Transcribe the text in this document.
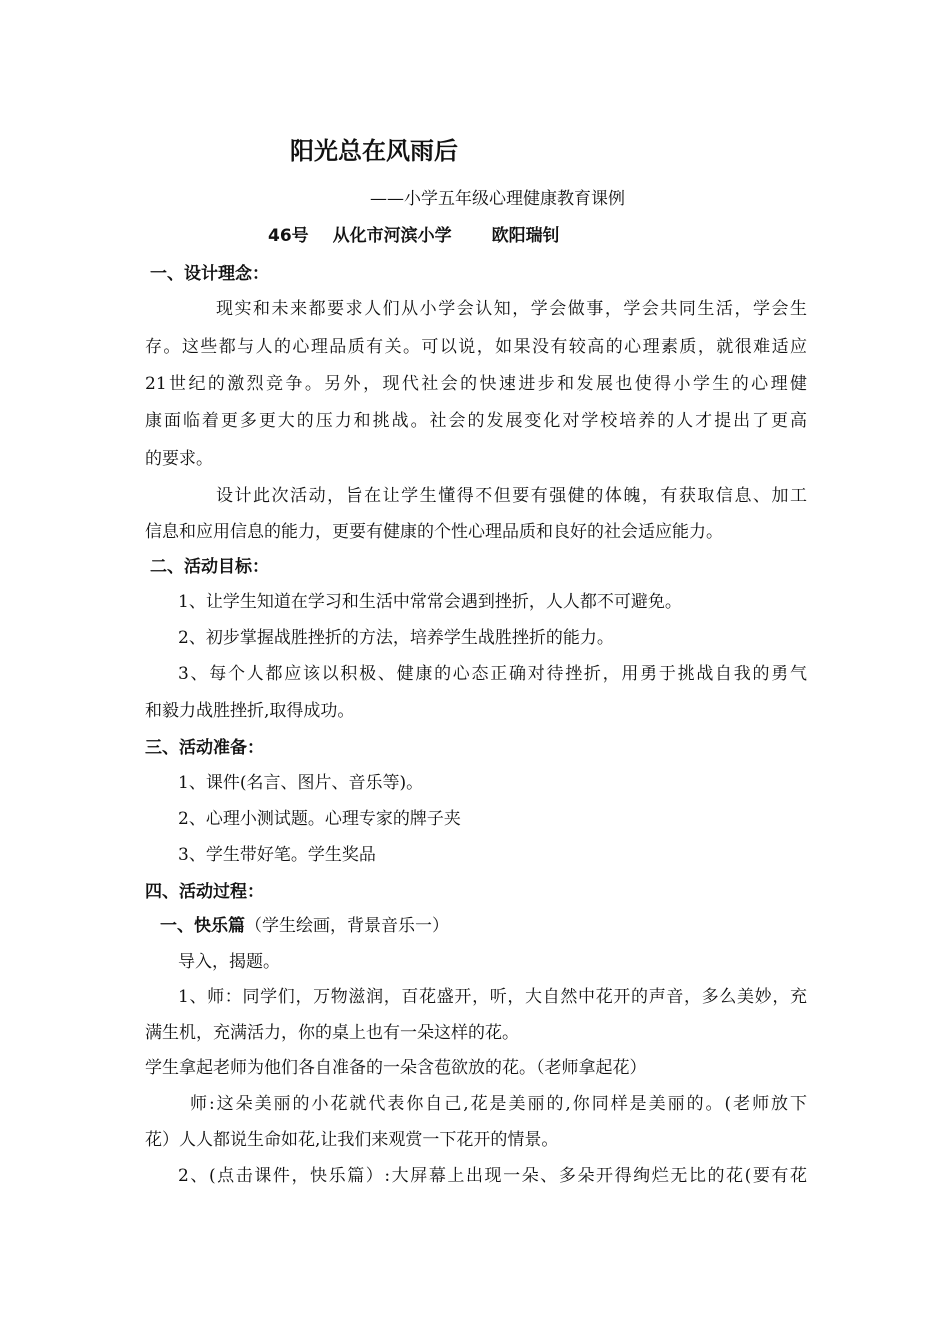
阳光总在风雨后
——小学五年级心理健康教育课例
46号 从化市河滨小学 欧阳瑞钊
一、设计理念：
现实和未来都要求人们从小学会认知，学会做事，学会共同生活，学会生
存。这些都与人的心理品质有关。可以说，如果没有较高的心理素质，就很难适应
21世纪的激烈竞争。另外，现代社会的快速进步和发展也使得小学生的心理健
康面临着更多更大的压力和挑战。社会的发展变化对学校培养的人才提出了更高
的要求。
设计此次活动，旨在让学生懂得不但要有强健的体魄，有获取信息、加工
信息和应用信息的能力，更要有健康的个性心理品质和良好的社会适应能力。
二、活动目标：
1、让学生知道在学习和生活中常常会遇到挫折，人人都不可避免。
2、初步掌握战胜挫折的方法，培养学生战胜挫折的能力。
3、每个人都应该以积极、健康的心态正确对待挫折，用勇于挑战自我的勇气
和毅力战胜挫折,取得成功。
三、活动准备：
1、课件(名言、图片、音乐等)。
2、心理小测试题。心理专家的牌子夹
3、学生带好笔。学生奖品
四、活动过程：
一、快乐篇（学生绘画，背景音乐一）
导入，揭题。
1、师：同学们，万物滋润，百花盛开，听，大自然中花开的声音，多么美妙，充
满生机，充满活力，你的桌上也有一朵这样的花。
学生拿起老师为他们各自准备的一朵含苞欲放的花。（老师拿起花）
师:这朵美丽的小花就代表你自己,花是美丽的,你同样是美丽的。(老师放下
花）人人都说生命如花,让我们来观赏一下花开的情景。
2、(点击课件，快乐篇）:大屏幕上出现一朵、多朵开得绚烂无比的花(要有花
